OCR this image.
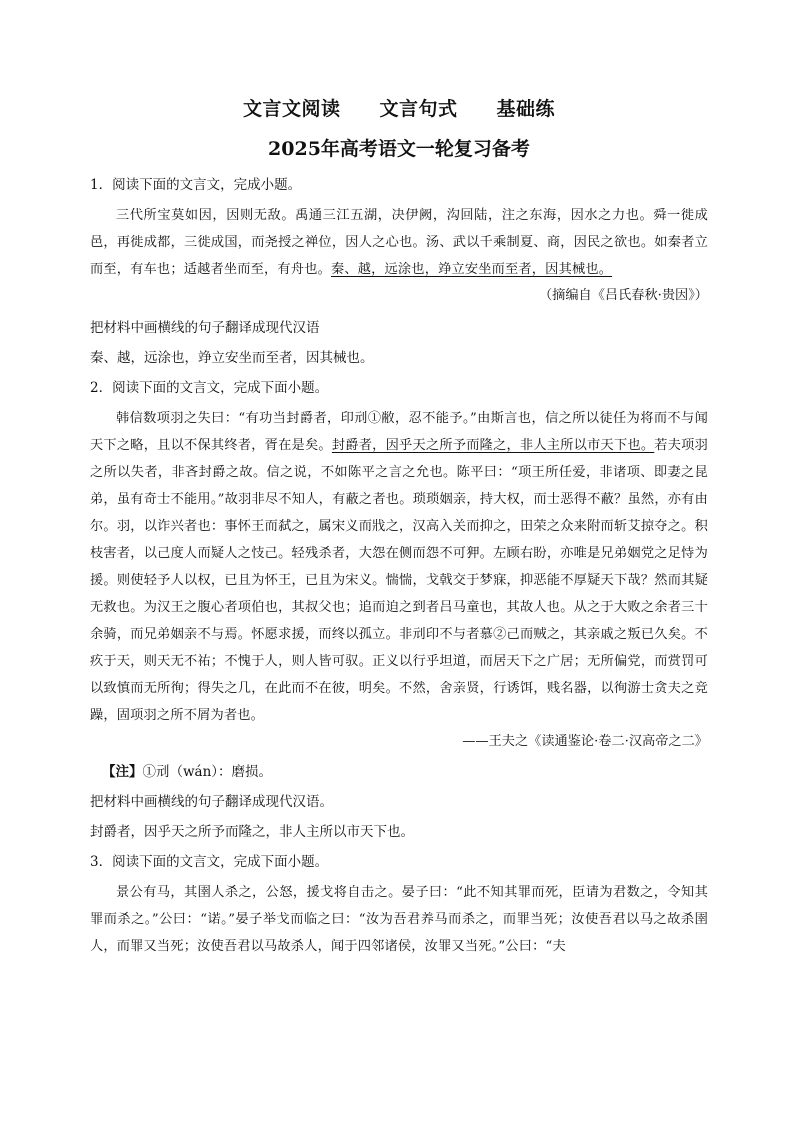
文言文阅读　　文言句式　　基础练
2025年高考语文一轮复习备考
1．阅读下面的文言文，完成小题。

三代所宝莫如因，因则无敌。禹通三江五湖，决伊阙，沟回陆，注之东海，因水之力也。舜一徙成邑，再徙成都，三徙成国，而尧授之禅位，因人之心也。汤、武以千乘制夏、商，因民之欲也。如秦者立而至，有车也；适越者坐而至，有舟也。秦、越，远涂也，竫立安坐而至者，因其械也。

（摘编自《吕氏春秋·贵因》）
把材料中画横线的句子翻译成现代汉语
秦、越，远涂也，竫立安坐而至者，因其械也。
2．阅读下面的文言文，完成下面小题。

韩信数项羽之失曰：“有功当封爵者，印刓①敝，忍不能予。”由斯言也，信之所以徒任为将而不与闻天下之略，且以不保其终者，胥在是矣。封爵者，因乎天之所予而隆之，非人主所以市天下也。若夫项羽之所以失者，非吝封爵之故。信之说，不如陈平之言之允也。陈平曰：“项王所任爱，非诸项、即妻之昆弟，虽有奇士不能用。”故羽非尽不知人，有蔽之者也。琐琐姻亲，持大权，而士恶得不蔽？虽然，亦有由尔。羽，以诈兴者也：事怀王而弑之，属宋义而戕之，汉高入关而抑之，田荣之众来附而斩艾掠夺之。积枝害者，以己度人而疑人之忮己。轻残杀者，大怨在侧而怨不可狎。左顾右盼，亦唯是兄弟姻党之足恃为援。则使轻予人以权，已且为怀王，已且为宋义。惴惴，戈戟交于梦寐，抑恶能不厚疑天下哉？然而其疑无救也。为汉王之腹心者项伯也，其叔父也；追而迫之到者吕马童也，其故人也。从之于大败之余者三十余骑，而兄弟姻亲不与焉。怀愿求援，而终以孤立。非刓印不与者慕②己而贼之，其亲戚之叛已久矣。不疚于天，则天无不祐；不愧于人，则人皆可驭。正义以行乎坦道，而居天下之广居；无所偏党，而赏罚可以致慎而无所徇；得失之几，在此而不在彼，明矣。不然，舍亲贤，行诱饵，贱名器，以徇游士贪夫之竞躁，固项羽之所不屑为者也。

——王夫之《读通鉴论·卷二·汉高帝之二》
【注】①刓（wán）：磨损。
把材料中画横线的句子翻译成现代汉语。
封爵者，因乎天之所予而隆之，非人主所以市天下也。
3．阅读下面的文言文，完成下面小题。

景公有马，其圉人杀之，公怒，援戈将自击之。晏子曰：“此不知其罪而死，臣请为君数之，令知其罪而杀之。”公曰：“诺。”晏子举戈而临之曰：“汝为吾君养马而杀之，而罪当死；汝使吾君以马之故杀圉人，而罪又当死；汝使吾君以马故杀人，闻于四邻诸侯，汝罪又当死。”公曰：“夫
